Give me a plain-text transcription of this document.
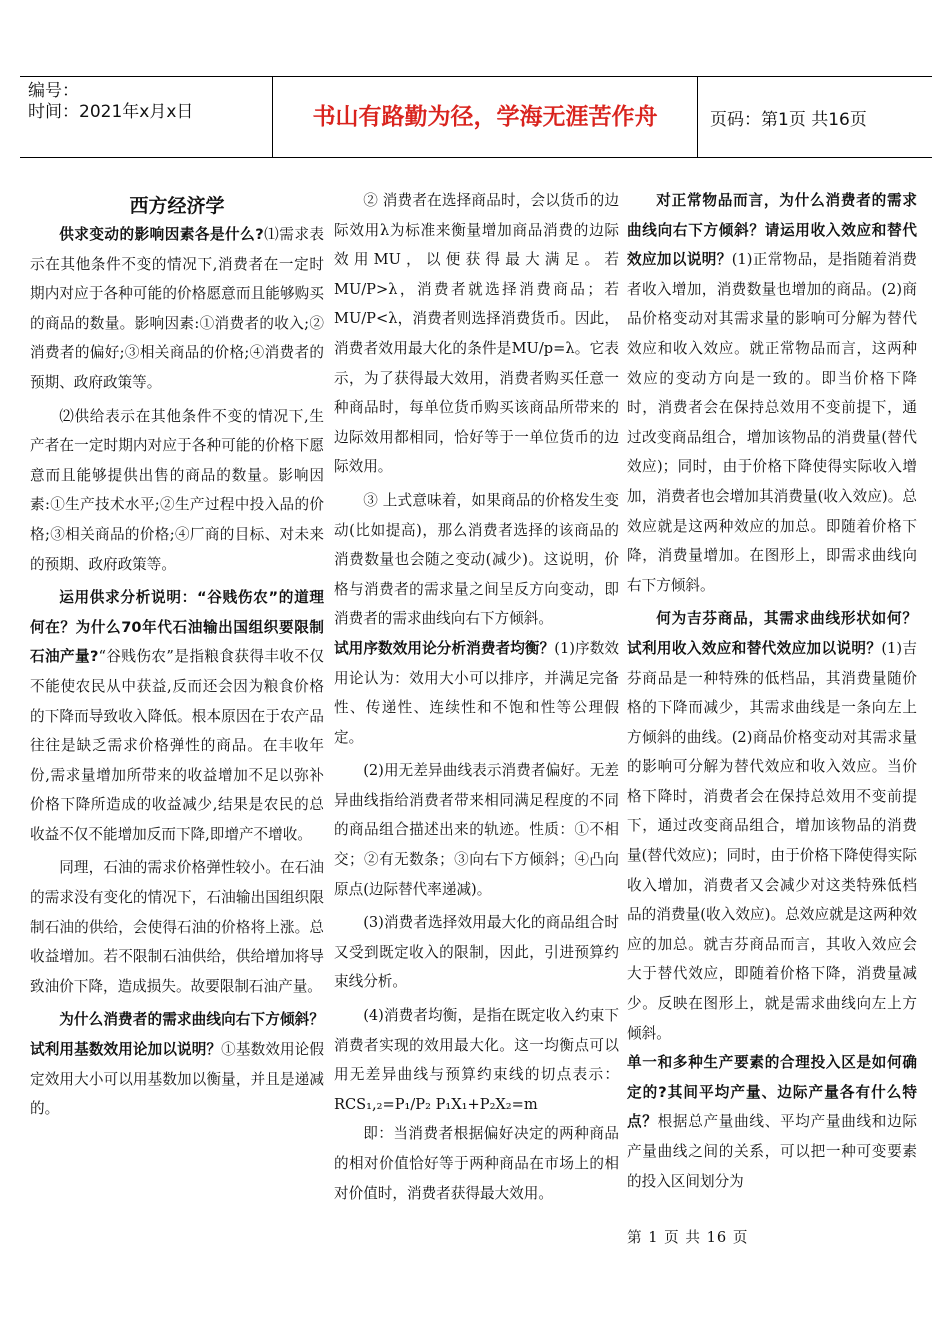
编号：
时间：2021年x月x日	书山有路勤为径，学海无涯苦作舟	页码：第1页 共16页
西方经济学

供求变动的影响因素各是什么?⑴需求表示在其他条件不变的情况下,消费者在一定时期内对应于各种可能的价格愿意而且能够购买的商品的数量。影响因素:①消费者的收入;②消费者的偏好;③相关商品的价格;④消费者的预期、政府政策等。

⑵供给表示在其他条件不变的情况下,生产者在一定时期内对应于各种可能的价格下愿意而且能够提供出售的商品的数量。影响因素:①生产技术水平;②生产过程中投入品的价格;③相关商品的价格;④厂商的目标、对未来的预期、政府政策等。

运用供求分析说明：“谷贱伤农”的道理何在？为什么70年代石油输出国组织要限制石油产量?“谷贱伤农”是指粮食获得丰收不仅不能使农民从中获益,反而还会因为粮食价格的下降而导致收入降低。根本原因在于农产品往往是缺乏需求价格弹性的商品。在丰收年份,需求量增加所带来的收益增加不足以弥补价格下降所造成的收益减少,结果是农民的总收益不仅不能增加反而下降,即增产不增收。

同理，石油的需求价格弹性较小。在石油的需求没有变化的情况下，石油输出国组织限制石油的供给，会使得石油的价格将上涨。总收益增加。若不限制石油供给，供给增加将导致油价下降，造成损失。故要限制石油产量。

为什么消费者的需求曲线向右下方倾斜？试利用基数效用论加以说明？①基数效用论假定效用大小可以用基数加以衡量，并且是递减的。

② 消费者在选择商品时，会以货币的边际效用λ为标准来衡量增加商品消费的边际效用MU，以便获得最大满足。若 MU/P>λ，消费者就选择消费商品；若MU/P<λ，消费者则选择消费货币。因此，消费者效用最大化的条件是MU/p=λ。它表示，为了获得最大效用，消费者购买任意一种商品时，每单位货币购买该商品所带来的边际效用都相同，恰好等于一单位货币的边际效用。

③ 上式意味着，如果商品的价格发生变动(比如提高)，那么消费者选择的该商品的消费数量也会随之变动(减少)。这说明，价格与消费者的需求量之间呈反方向变动，即消费者的需求曲线向右下方倾斜。

试用序数效用论分析消费者均衡？(1)序数效用论认为：效用大小可以排序，并满足完备性、传递性、连续性和不饱和性等公理假定。

(2)用无差异曲线表示消费者偏好。无差异曲线指给消费者带来相同满足程度的不同的商品组合描述出来的轨迹。性质：①不相交；②有无数条；③向右下方倾斜；④凸向原点(边际替代率递减)。

(3)消费者选择效用最大化的商品组合时又受到既定收入的限制，因此，引进预算约束线分析。

(4)消费者均衡，是指在既定收入约束下消费者实现的效用最大化。这一均衡点可以用无差异曲线与预算约束线的切点表示：RCS₁,₂=P₁/P₂ P₁X₁+P₂X₂=m

即：当消费者根据偏好决定的两种商品的相对价值恰好等于两种商品在市场上的相对价值时，消费者获得最大效用。

对正常物品而言，为什么消费者的需求曲线向右下方倾斜？请运用收入效应和替代效应加以说明？(1)正常物品，是指随着消费者收入增加，消费数量也增加的商品。(2)商品价格变动对其需求量的影响可分解为替代效应和收入效应。就正常物品而言，这两种效应的变动方向是一致的。即当价格下降时，消费者会在保持总效用不变前提下，通过改变商品组合，增加该物品的消费量(替代效应)；同时，由于价格下降使得实际收入增加，消费者也会增加其消费量(收入效应)。总效应就是这两种效应的加总。即随着价格下降，消费量增加。在图形上，即需求曲线向右下方倾斜。

何为吉芬商品，其需求曲线形状如何？试利用收入效应和替代效应加以说明？(1)吉芬商品是一种特殊的低档品，其消费量随价格的下降而减少，其需求曲线是一条向左上方倾斜的曲线。(2)商品价格变动对其需求量的影响可分解为替代效应和收入效应。当价格下降时，消费者会在保持总效用不变前提下，通过改变商品组合，增加该物品的消费量(替代效应)；同时，由于价格下降使得实际收入增加，消费者又会减少对这类特殊低档品的消费量(收入效应)。总效应就是这两种效应的加总。就吉芬商品而言，其收入效应会大于替代效应，即随着价格下降，消费量减少。反映在图形上，就是需求曲线向左上方倾斜。

单一和多种生产要素的合理投入区是如何确定的?其间平均产量、边际产量各有什么特点？根据总产量曲线、平均产量曲线和边际产量曲线之间的关系，可以把一种可变要素的投入区间划分为

第 1 页 共 16 页
